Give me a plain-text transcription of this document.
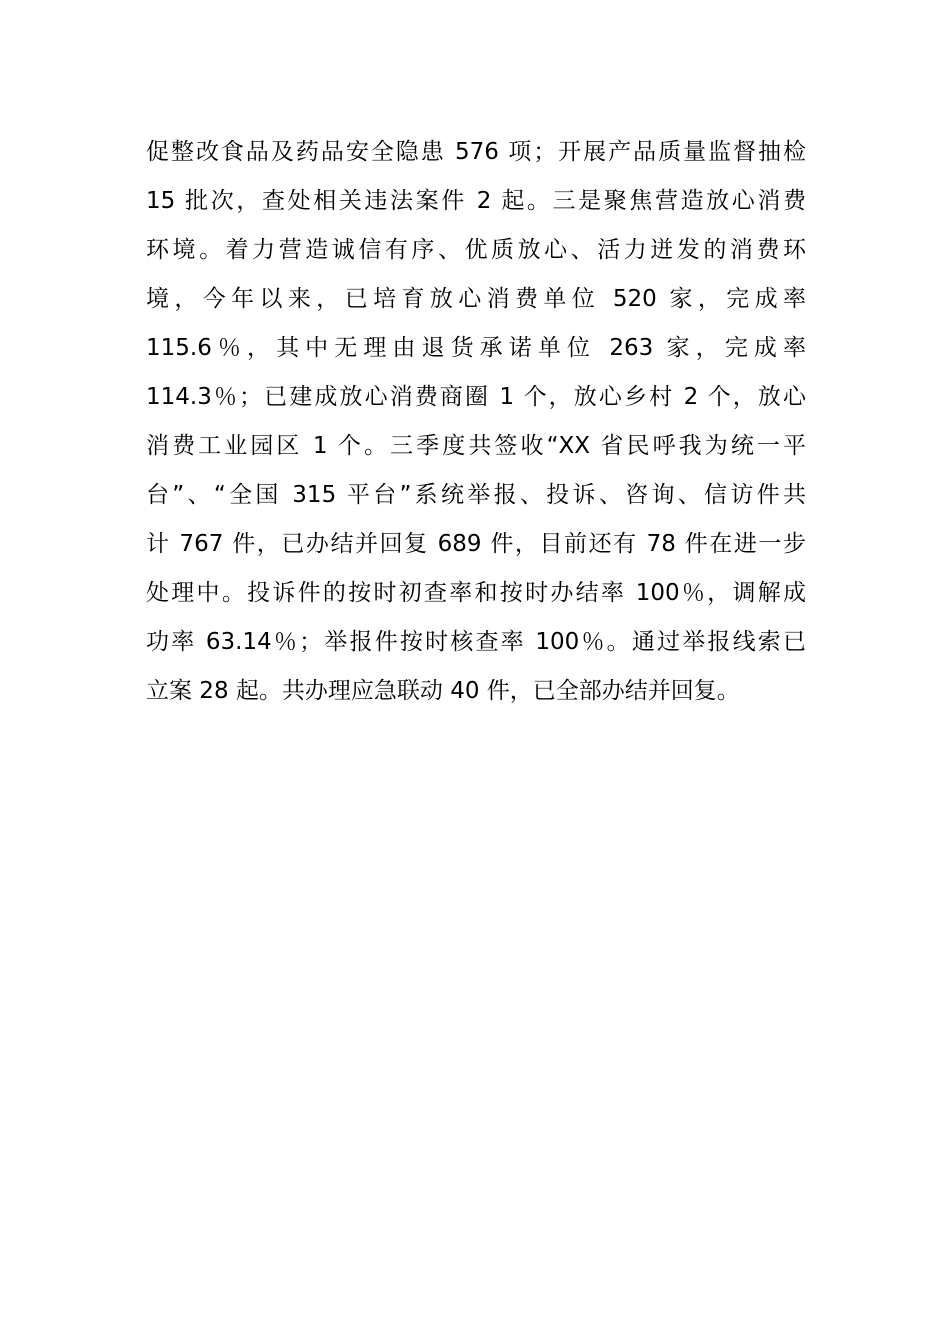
促整改食品及药品安全隐患 576 项；开展产品质量监督抽检
15 批次，查处相关违法案件 2 起。三是聚焦营造放心消费
环境。着力营造诚信有序、优质放心、活力迸发的消费环
境，今年以来，已培育放心消费单位 520 家，完成率
115.6％，其中无理由退货承诺单位 263 家，完成率
114.3％；已建成放心消费商圈 1 个，放心乡村 2 个，放心
消费工业园区 1 个。三季度共签收“XX 省民呼我为统一平
台”、“全国 315 平台”系统举报、投诉、咨询、信访件共
计 767 件，已办结并回复 689 件，目前还有 78 件在进一步
处理中。投诉件的按时初查率和按时办结率 100％，调解成
功率 63.14％；举报件按时核查率 100％。通过举报线索已
立案 28 起。共办理应急联动 40 件，已全部办结并回复。
